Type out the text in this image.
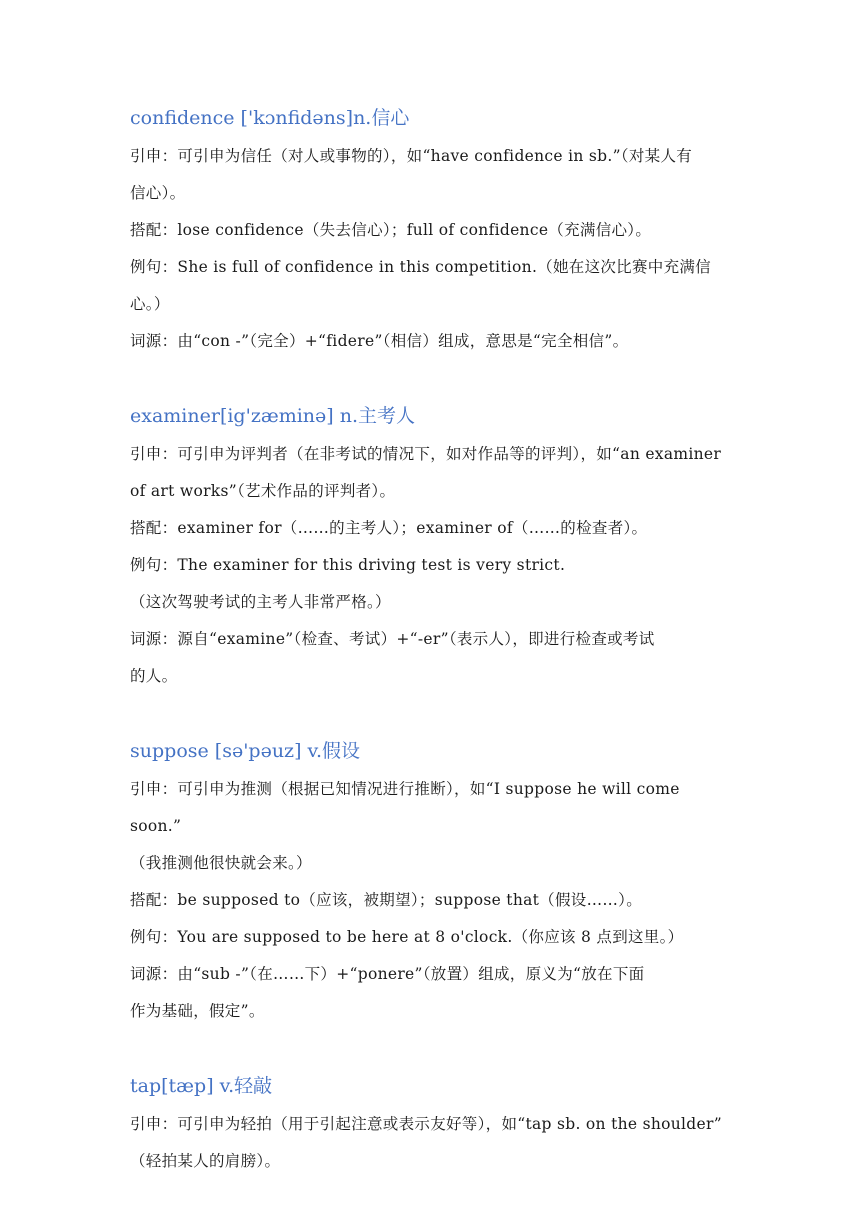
confidence ['kɔnfidəns]n.信心
引申：可引申为信任（对人或事物的），如“have confidence in sb.”（对某人有
信心）。
搭配：lose confidence（失去信心）；full of confidence（充满信心）。
例句：She is full of confidence in this competition.（她在这次比赛中充满信心。）
词源：由“con -”（完全）+“fidere”（相信）组成，意思是“完全相信”。
examiner[ig'zæminə] n.主考人
引申：可引申为评判者（在非考试的情况下，如对作品等的评判），如“an examiner
of art works”（艺术作品的评判者）。
搭配：examiner for（……的主考人）；examiner of（……的检查者）。
例句：The examiner for this driving test is very strict.
（这次驾驶考试的主考人非常严格。）
词源：源自“examine”（检查、考试）+“-er”（表示人），即进行检查或考试
的人。
suppose [sə'pəuz] v.假设
引申：可引申为推测（根据已知情况进行推断），如“I suppose he will come soon.”
（我推测他很快就会来。）
搭配：be supposed to（应该，被期望）；suppose that（假设……）。
例句：You are supposed to be here at 8 o'clock.（你应该 8 点到这里。）
词源：由“sub -”（在……下）+“ponere”（放置）组成，原义为“放在下面
作为基础，假定”。
tap[tæp] v.轻敲
引申：可引申为轻拍（用于引起注意或表示友好等），如“tap sb. on the shoulder”
（轻拍某人的肩膀）。
